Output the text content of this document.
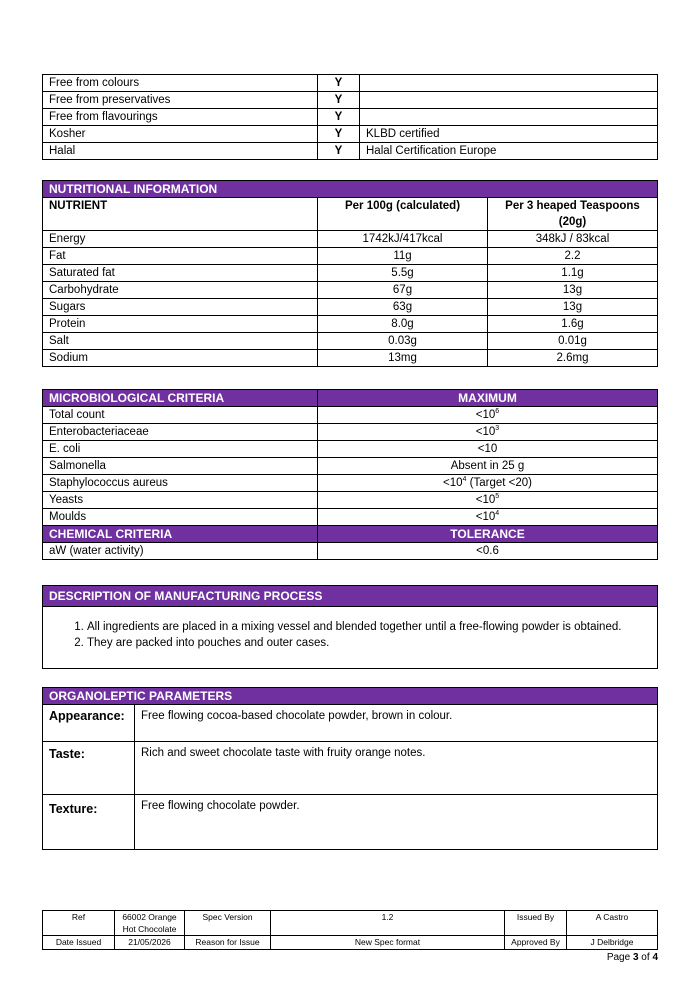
Free from colours	Y	
Free from preservatives	Y	
Free from flavourings	Y	
Kosher	Y	KLBD certified
Halal	Y	Halal Certification Europe
NUTRITIONAL INFORMATION		
NUTRIENT	Per 100g (calculated)	Per 3 heaped Teaspoons (20g)
Energy	1742kJ/417kcal	348kJ / 83kcal
Fat	11g	2.2
Saturated fat	5.5g	1.1g
Carbohydrate	67g	13g
Sugars	63g	13g
Protein	8.0g	1.6g
Salt	0.03g	0.01g
Sodium	13mg	2.6mg
MICROBIOLOGICAL CRITERIA	MAXIMUM
Total count	$<10^6$
Enterobacteriaceae	$<10^3$
E. coli	<10
Salmonella	Absent in 25 g
Staphylococcus aureus	$<10^4$ (Target <20)
Yeasts	$<10^5$
Moulds	$<10^4$
CHEMICAL CRITERIA	TOLERANCE
aW (water activity)	<0.6
DESCRIPTION OF MANUFACTURING PROCESS
1. All ingredients are placed in a mixing vessel and blended together until a free-flowing powder is obtained.
2. They are packed into pouches and outer cases.
ORGANOLEPTIC PARAMETERS	
Appearance:	Free flowing cocoa-based chocolate powder, brown in colour.
Taste:	Rich and sweet chocolate taste with fruity orange notes.
Texture:	Free flowing chocolate powder.
Ref	66002 Orange Hot Chocolate	Spec Version	1.2	Issued By	A Castro
Date Issued	21/05/2026	Reason for Issue	New Spec format	Approved By	J Delbridge
Page 3 of 4
